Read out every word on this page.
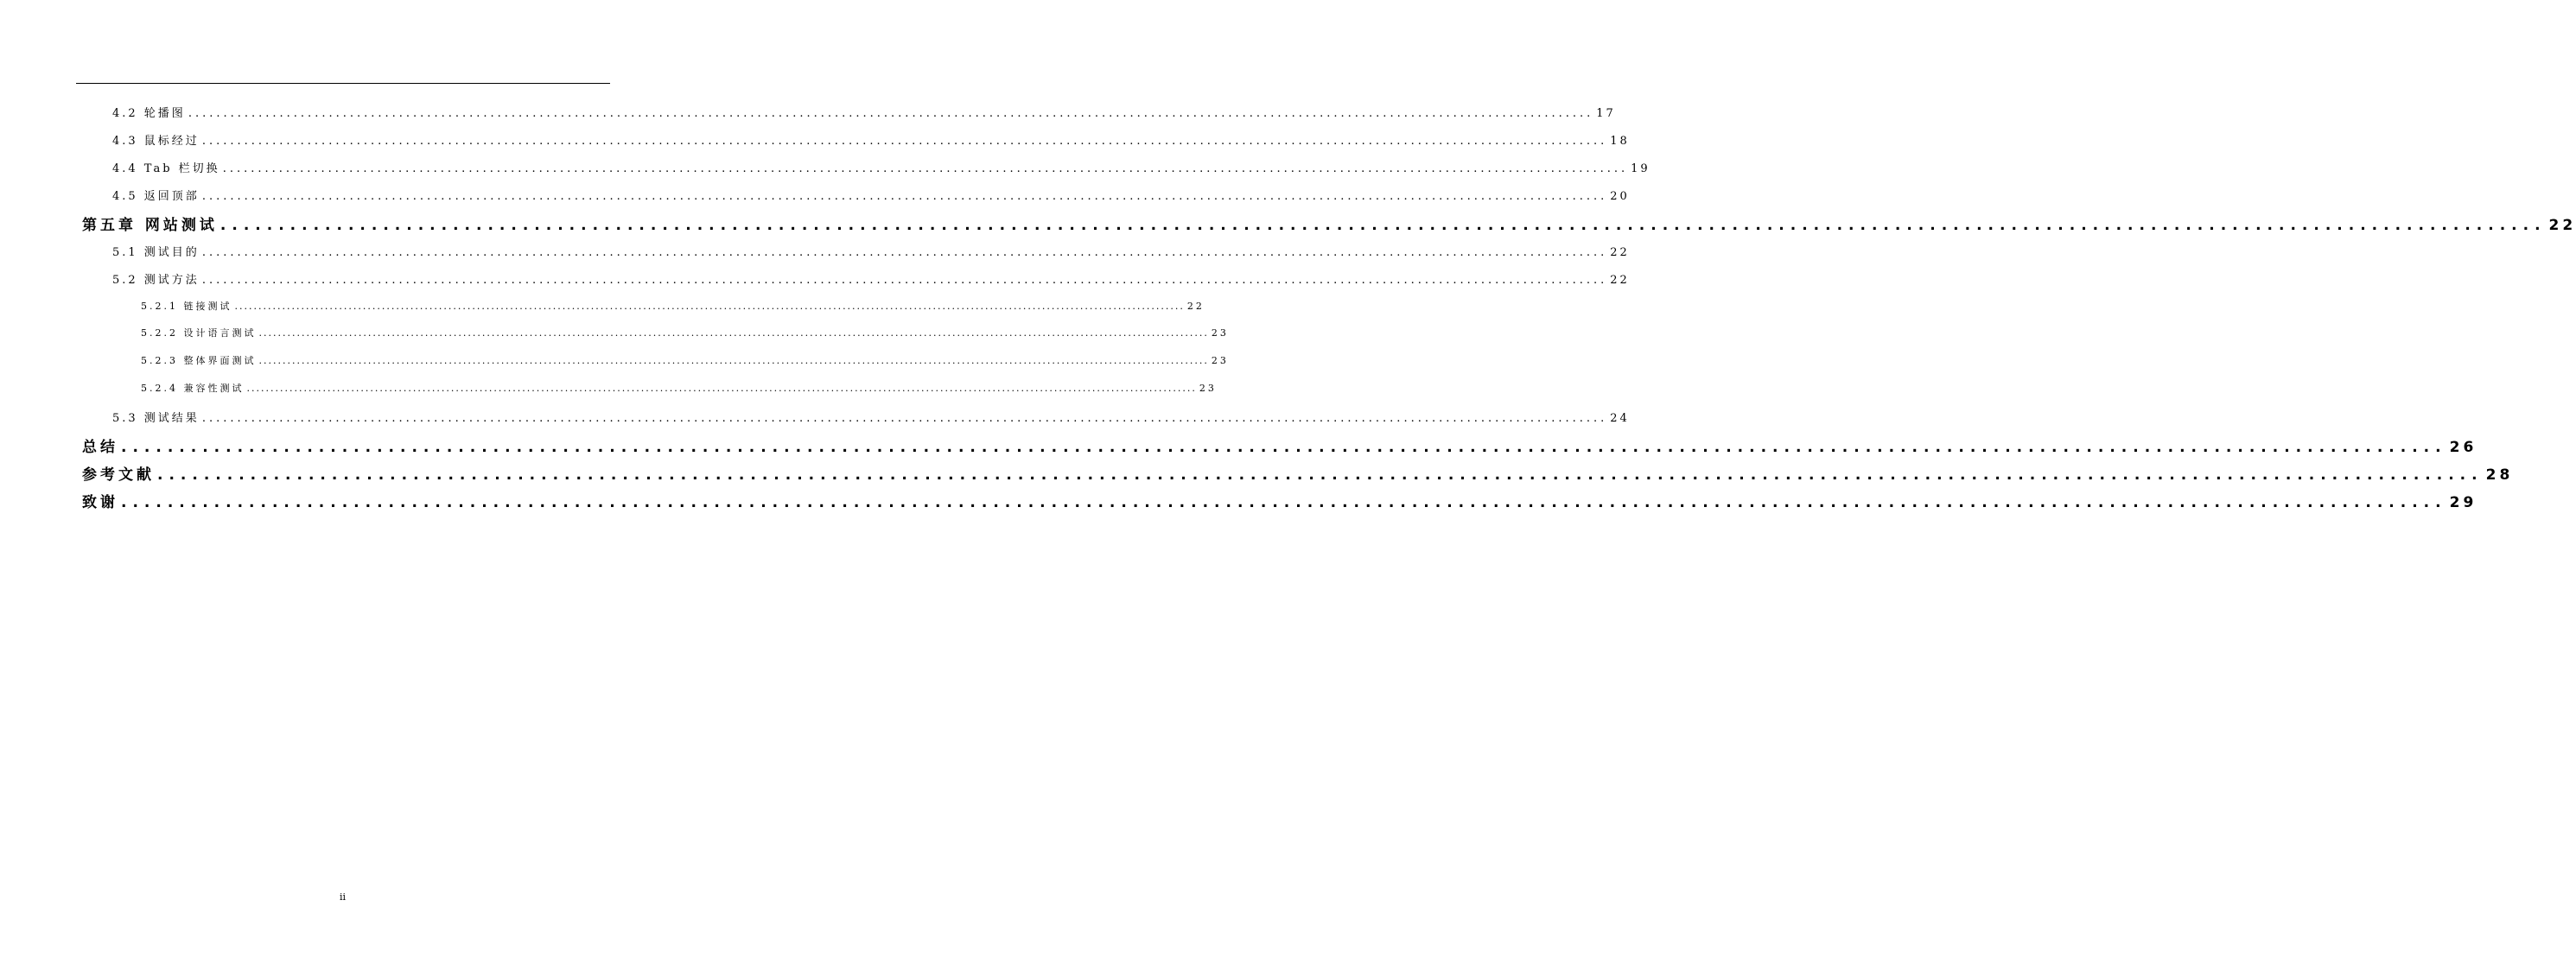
4.2 轮播图 ........................................................................................................................................................................................................ 17
4.3 鼠标经过 ........................................................................................................................................................................................................ 18
4.4 Tab 栏切换 ........................................................................................................................................................................................................ 19
4.5 返回顶部 ........................................................................................................................................................................................................ 20
第五章 网站测试 ........................................................................................................................................................................................................ 22
5.1 测试目的 ........................................................................................................................................................................................................ 22
5.2 测试方法 ........................................................................................................................................................................................................ 22
5.2.1 链接测试 ........................................................................................................................................................................................................ 22
5.2.2 设计语言测试 ........................................................................................................................................................................................................ 23
5.2.3 整体界面测试 ........................................................................................................................................................................................................ 23
5.2.4 兼容性测试 ........................................................................................................................................................................................................ 23
5.3 测试结果 ........................................................................................................................................................................................................ 24
总结 ........................................................................................................................................................................................................ 26
参考文献 ........................................................................................................................................................................................................ 28
致谢 ........................................................................................................................................................................................................ 29
ii
